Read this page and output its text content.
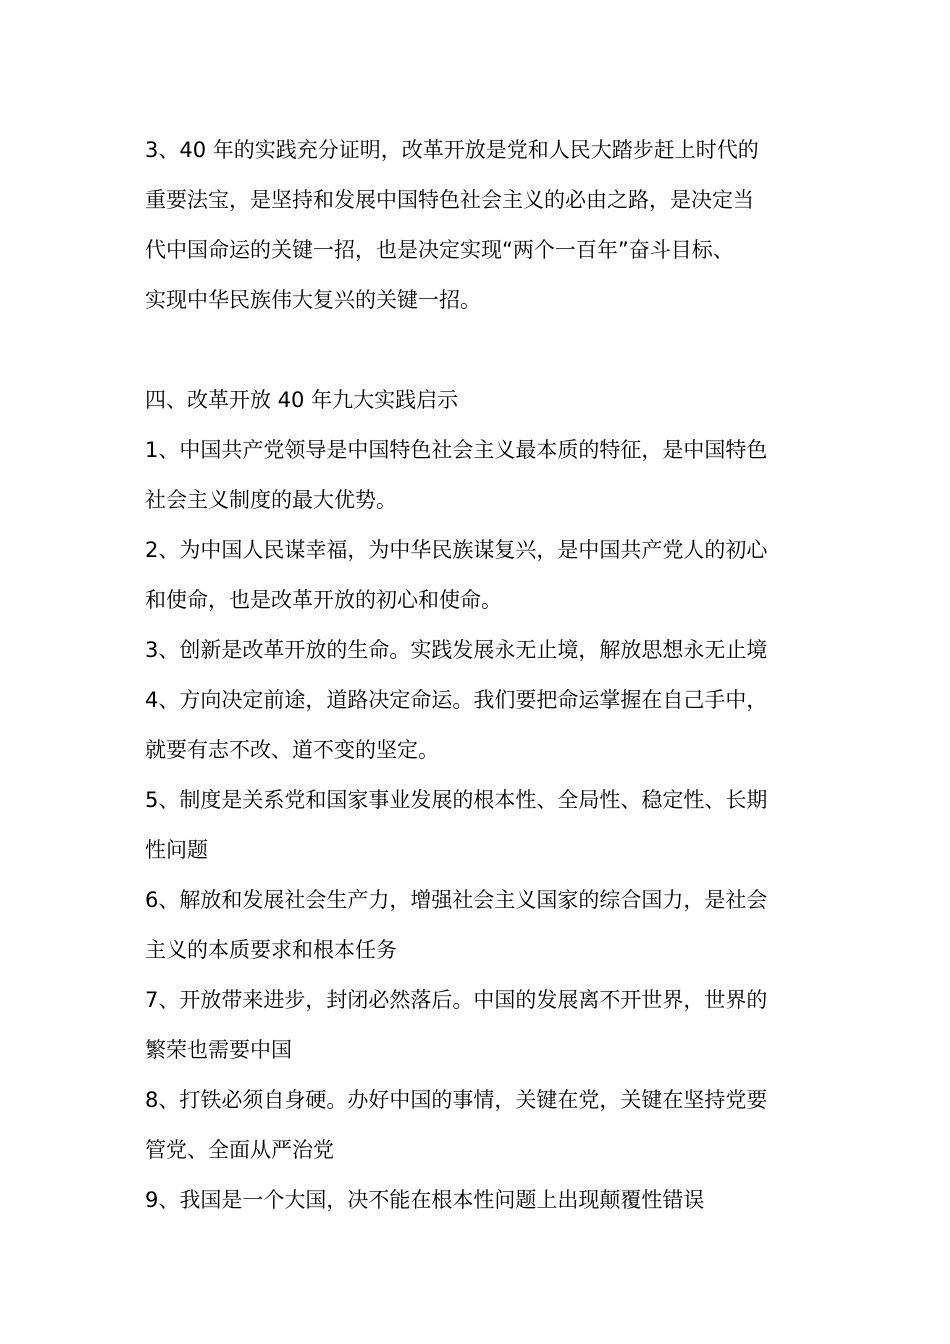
3、40 年的实践充分证明，改革开放是党和人民大踏步赶上时代的
重要法宝，是坚持和发展中国特色社会主义的必由之路，是决定当
代中国命运的关键一招，也是决定实现“两个一百年”奋斗目标、
实现中华民族伟大复兴的关键一招。
四、改革开放 40 年九大实践启示
1、中国共产党领导是中国特色社会主义最本质的特征，是中国特色
社会主义制度的最大优势。
2、为中国人民谋幸福，为中华民族谋复兴，是中国共产党人的初心
和使命，也是改革开放的初心和使命。
3、创新是改革开放的生命。实践发展永无止境，解放思想永无止境
4、方向决定前途，道路决定命运。我们要把命运掌握在自己手中，
就要有志不改、道不变的坚定。
5、制度是关系党和国家事业发展的根本性、全局性、稳定性、长期
性问题
6、解放和发展社会生产力，增强社会主义国家的综合国力，是社会
主义的本质要求和根本任务
7、开放带来进步，封闭必然落后。中国的发展离不开世界，世界的
繁荣也需要中国
8、打铁必须自身硬。办好中国的事情，关键在党，关键在坚持党要
管党、全面从严治党
9、我国是一个大国，决不能在根本性问题上出现颠覆性错误
